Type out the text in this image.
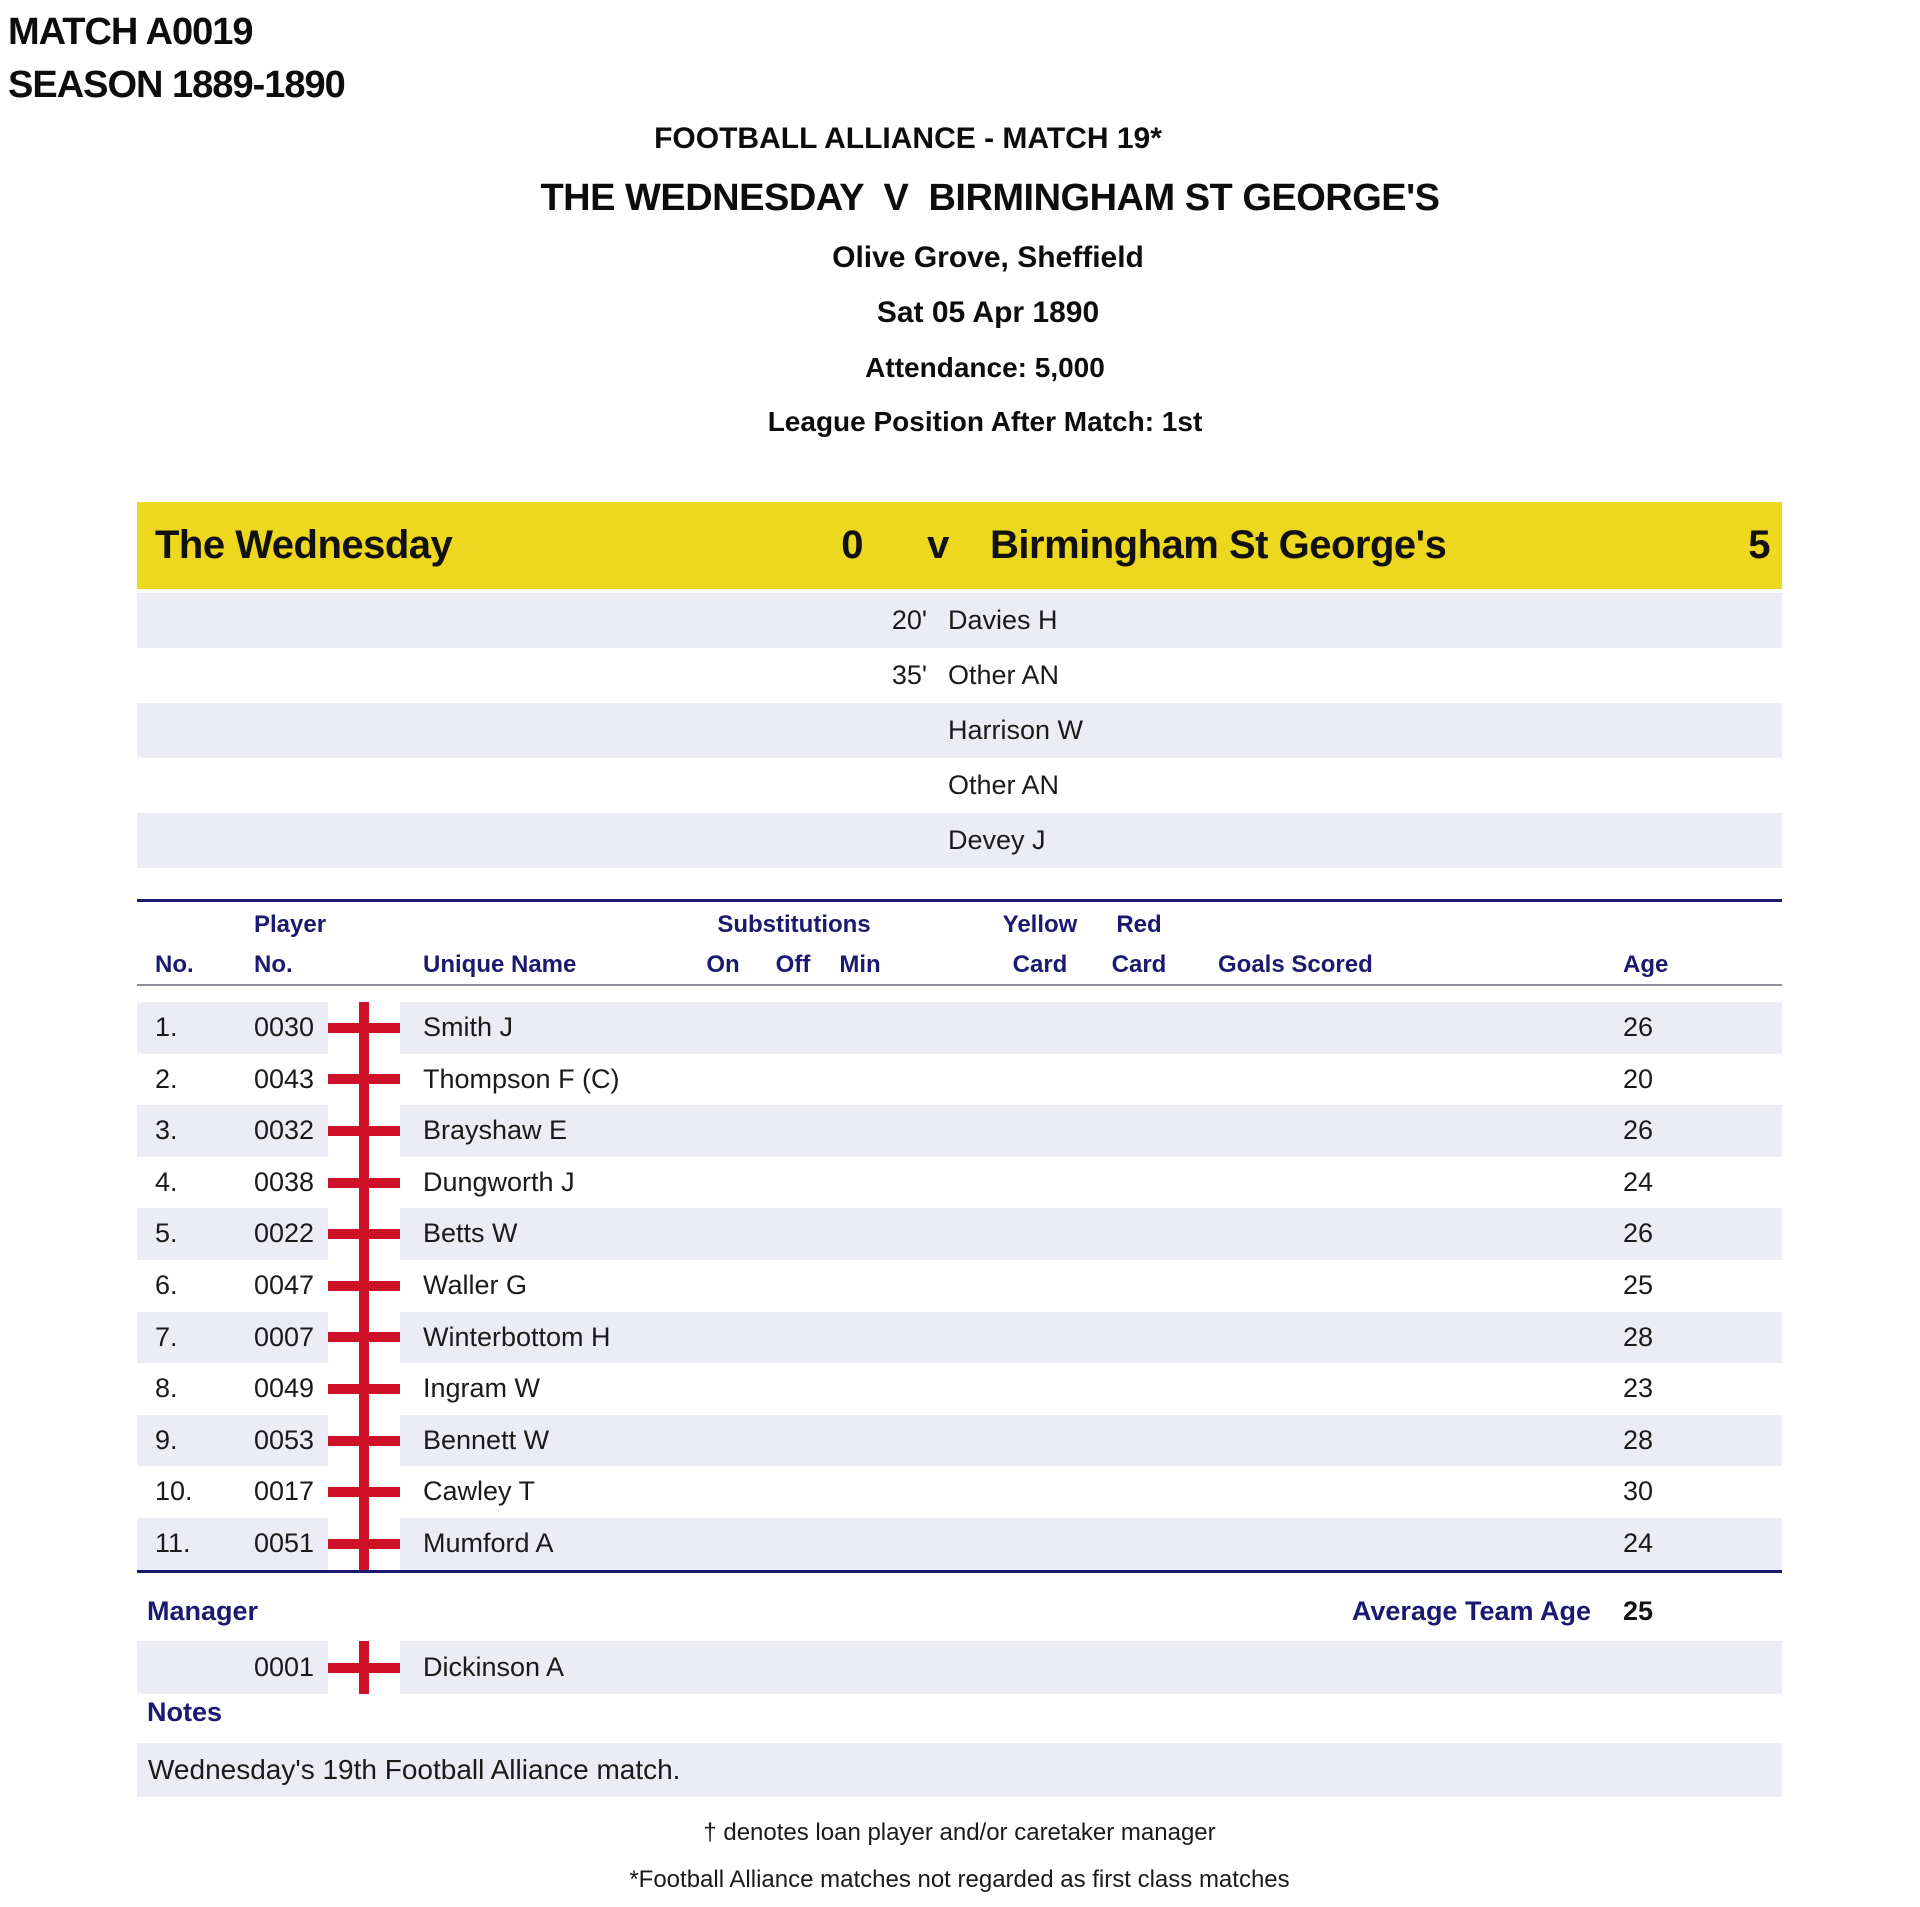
MATCH A0019
SEASON 1889-1890
FOOTBALL ALLIANCE - MATCH 19*
THE WEDNESDAY  V  BIRMINGHAM ST GEORGE'S
Olive Grove, Sheffield
Sat 05 Apr 1890
Attendance: 5,000
League Position After Match: 1st
The Wednesday	0	v	Birmingham St George's	5
20' Davies H
35' Other AN
Harrison W
Other AN
Devey J
Player	Substitutions	Yellow Red
No.	No.	Unique Name	On Off Min	Card Card Goals Scored	Age
1.	0030	Smith J	26
2.	0043	Thompson F (C)	20
3.	0032	Brayshaw E	26
4.	0038	Dungworth J	24
5.	0022	Betts W	26
6.	0047	Waller G	25
7.	0007	Winterbottom H	28
8.	0049	Ingram W	23
9.	0053	Bennett W	28
10. 0017	Cawley T	30
11. 0051	Mumford A	24
Manager	Average Team Age 25
0001	Dickinson A
Notes
Wednesday's 19th Football Alliance match.
† denotes loan player and/or caretaker manager
*Football Alliance matches not regarded as first class matches
